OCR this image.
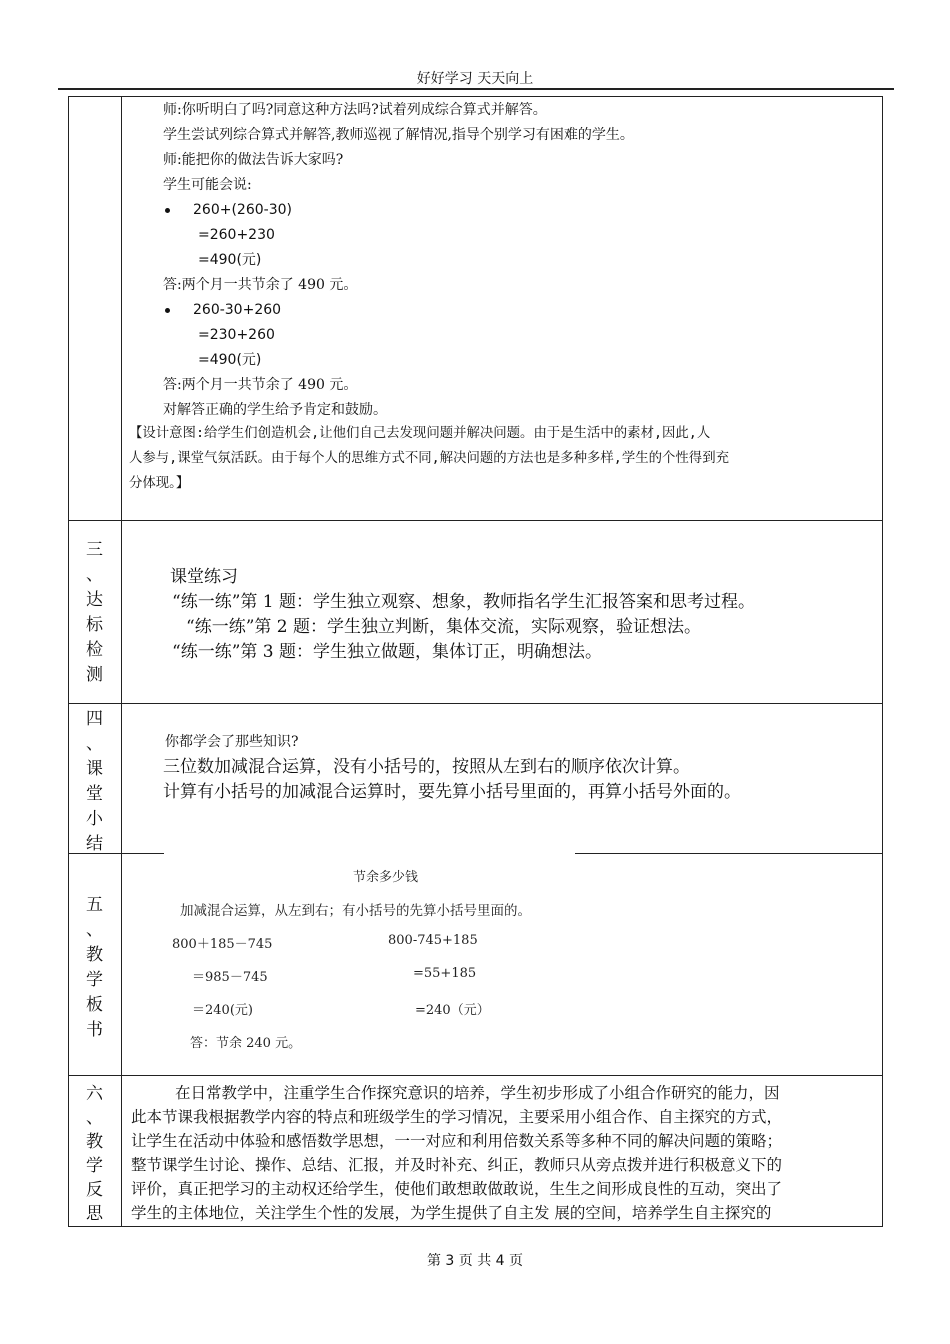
好好学习 天天向上
师:你听明白了吗?同意这种方法吗?试着列成综合算式并解答。
学生尝试列综合算式并解答,教师巡视了解情况,指导个别学习有困难的学生。
师:能把你的做法告诉大家吗?
学生可能会说:
260+(260-30)
=260+230
=490(元)
答:两个月一共节余了 490 元。
260-30+260
=230+260
=490(元)
答:两个月一共节余了 490 元。
对解答正确的学生给予肯定和鼓励。
【设计意图:给学生们创造机会,让他们自己去发现问题并解决问题。由于是生活中的素材,因此,人
人参与,课堂气氛活跃。由于每个人的思维方式不同,解决问题的方法也是多种多样,学生的个性得到充
分体现。】
三
、
达
标
检
测
课堂练习
“练一练”第 1 题：学生独立观察、想象，教师指名学生汇报答案和思考过程。
“练一练”第 2 题：学生独立判断，集体交流，实际观察，验证想法。
“练一练”第 3 题：学生独立做题，集体订正，明确想法。
四
、
课
堂
小
结
你都学会了那些知识?
三位数加减混合运算，没有小括号的，按照从左到右的顺序依次计算。
计算有小括号的加减混合运算时，要先算小括号里面的，再算小括号外面的。
五
、
教
学
板
书
节余多少钱
加减混合运算，从左到右；有小括号的先算小括号里面的。
800＋185－745
＝985－745
＝240(元)
答：节余 240 元。
800-745+185
=55+185
=240（元）
六
、
教
学
反
思
在日常教学中，注重学生合作探究意识的培养，学生初步形成了小组合作研究的能力，因
此本节课我根据教学内容的特点和班级学生的学习情况，主要采用小组合作、自主探究的方式，
让学生在活动中体验和感悟数学思想，一一对应和利用倍数关系等多种不同的解决问题的策略；
整节课学生讨论、操作、总结、汇报，并及时补充、纠正，教师只从旁点拨并进行积极意义下的
评价，真正把学习的主动权还给学生，使他们敢想敢做敢说，生生之间形成良性的互动，突出了
学生的主体地位，关注学生个性的发展，为学生提供了自主发 展的空间，培养学生自主探究的
第 3 页 共 4 页
